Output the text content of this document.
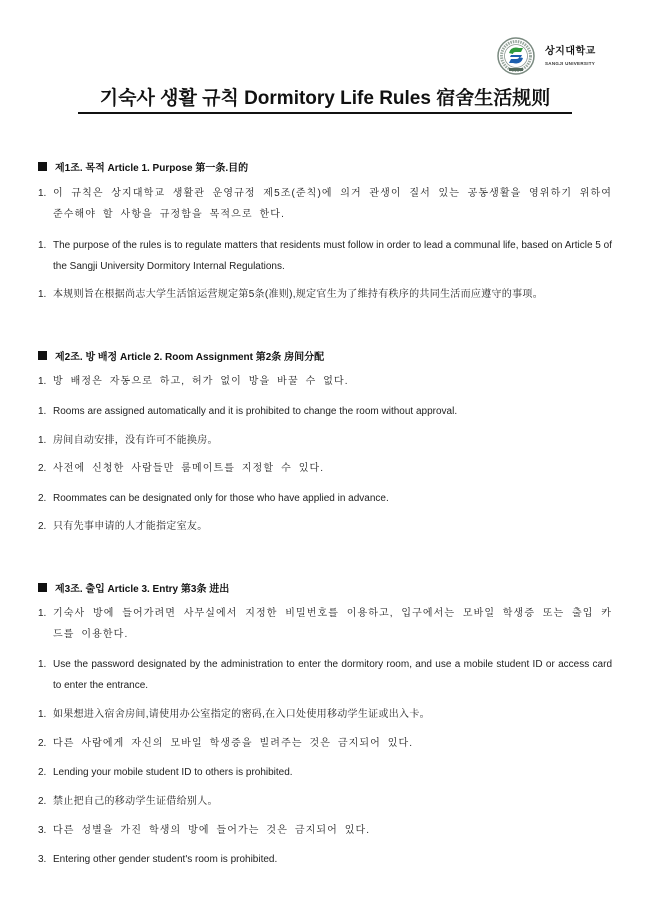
상지대학교
SANGJI UNIVERSITY
기숙사 생활 규칙 Dormitory Life Rules 宿舍生活规则
제1조. 목적 Article 1. Purpose 第一条.目的
1. 이 규칙은 상지대학교 생활관 운영규정 제5조(준칙)에 의거 관생이 질서 있는 공동생활을 영위하기 위하여 준수해야 할 사항을 규정함을 목적으로 한다.
1. The purpose of the rules is to regulate matters that residents must follow in order to lead a communal life, based on Article 5 of the Sangji University Dormitory Internal Regulations.
1. 本规则旨在根据尚志大学生活馆运营规定第5条(准则),规定官生为了维持有秩序的共同生活而应遵守的事项。
제2조. 방 배정 Article 2. Room Assignment 第2条 房间分配
1. 방 배정은 자동으로 하고, 허가 없이 방을 바꿀 수 없다.
1. Rooms are assigned automatically and it is prohibited to change the room without approval.
1. 房间自动安排，没有许可不能换房。
2. 사전에 신청한 사람들만 룸메이트를 지정할 수 있다.
2. Roommates can be designated only for those who have applied in advance.
2. 只有先事申请的人才能指定室友。
제3조. 출입 Article 3. Entry 第3条 进出
1. 기숙사 방에 들어가려면 사무실에서 지정한 비밀번호를 이용하고, 입구에서는 모바일 학생증 또는 출입 카드를 이용한다.
1. Use the password designated by the administration to enter the dormitory room, and use a mobile student ID or access card to enter the entrance.
1. 如果想进入宿舍房间,请使用办公室指定的密码,在入口处使用移动学生证或出入卡。
2. 다른 사람에게 자신의 모바일 학생증을 빌려주는 것은 금지되어 있다.
2. Lending your mobile student ID to others is prohibited.
2. 禁止把自己的移动学生证借给别人。
3. 다른 성별을 가진 학생의 방에 들어가는 것은 금지되어 있다.
3. Entering other gender student's room is prohibited.
